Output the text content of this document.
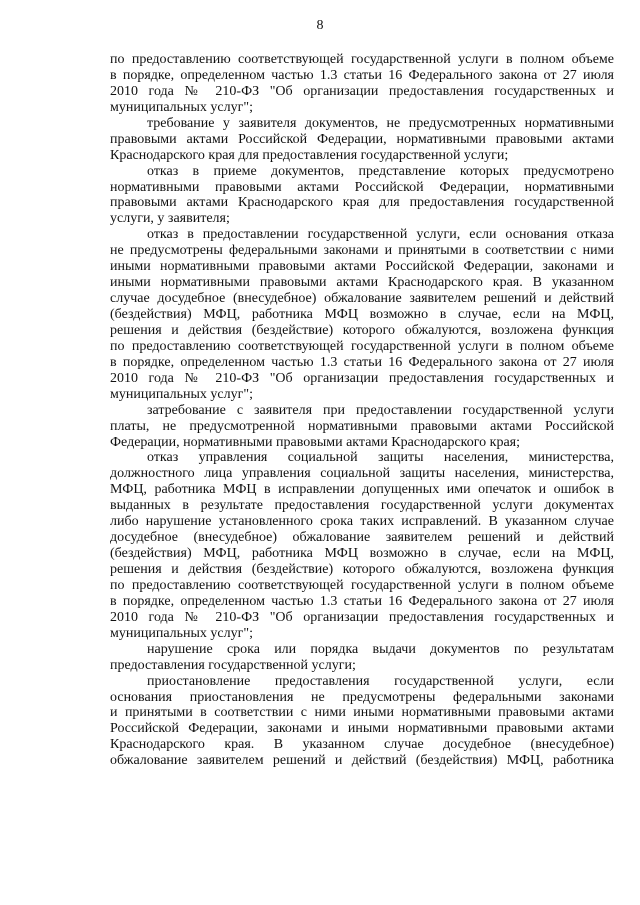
8
по предоставлению соответствующей государственной услуги в полном объеме
в порядке, определенном частью 1.3 статьи 16 Федерального закона от 27 июля
2010 года № 210-ФЗ "Об организации предоставления государственных и
муниципальных услуг";
требование у заявителя документов, не предусмотренных нормативными
правовыми актами Российской Федерации, нормативными правовыми актами
Краснодарского края для предоставления государственной услуги;
отказ в приеме документов, представление которых предусмотрено
нормативными правовыми актами Российской Федерации, нормативными
правовыми актами Краснодарского края для предоставления государственной
услуги, у заявителя;
отказ в предоставлении государственной услуги, если основания отказа
не предусмотрены федеральными законами и принятыми в соответствии с ними
иными нормативными правовыми актами Российской Федерации, законами и
иными нормативными правовыми актами Краснодарского края. В указанном
случае досудебное (внесудебное) обжалование заявителем решений и действий
(бездействия) МФЦ, работника МФЦ возможно в случае, если на МФЦ,
решения и действия (бездействие) которого обжалуются, возложена функция
по предоставлению соответствующей государственной услуги в полном объеме
в порядке, определенном частью 1.3 статьи 16 Федерального закона от 27 июля
2010 года № 210-ФЗ "Об организации предоставления государственных и
муниципальных услуг";
затребование с заявителя при предоставлении государственной услуги
платы, не предусмотренной нормативными правовыми актами Российской
Федерации, нормативными правовыми актами Краснодарского края;
отказ управления социальной защиты населения, министерства,
должностного лица управления социальной защиты населения, министерства,
МФЦ, работника МФЦ в исправлении допущенных ими опечаток и ошибок в
выданных в результате предоставления государственной услуги документах
либо нарушение установленного срока таких исправлений. В указанном случае
досудебное (внесудебное) обжалование заявителем решений и действий
(бездействия) МФЦ, работника МФЦ возможно в случае, если на МФЦ,
решения и действия (бездействие) которого обжалуются, возложена функция
по предоставлению соответствующей государственной услуги в полном объеме
в порядке, определенном частью 1.3 статьи 16 Федерального закона от 27 июля
2010 года № 210-ФЗ "Об организации предоставления государственных и
муниципальных услуг";
нарушение срока или порядка выдачи документов по результатам
предоставления государственной услуги;
приостановление предоставления государственной услуги, если
основания приостановления не предусмотрены федеральными законами
и принятыми в соответствии с ними иными нормативными правовыми актами
Российской Федерации, законами и иными нормативными правовыми актами
Краснодарского края. В указанном случае досудебное (внесудебное)
обжалование заявителем решений и действий (бездействия) МФЦ, работника
